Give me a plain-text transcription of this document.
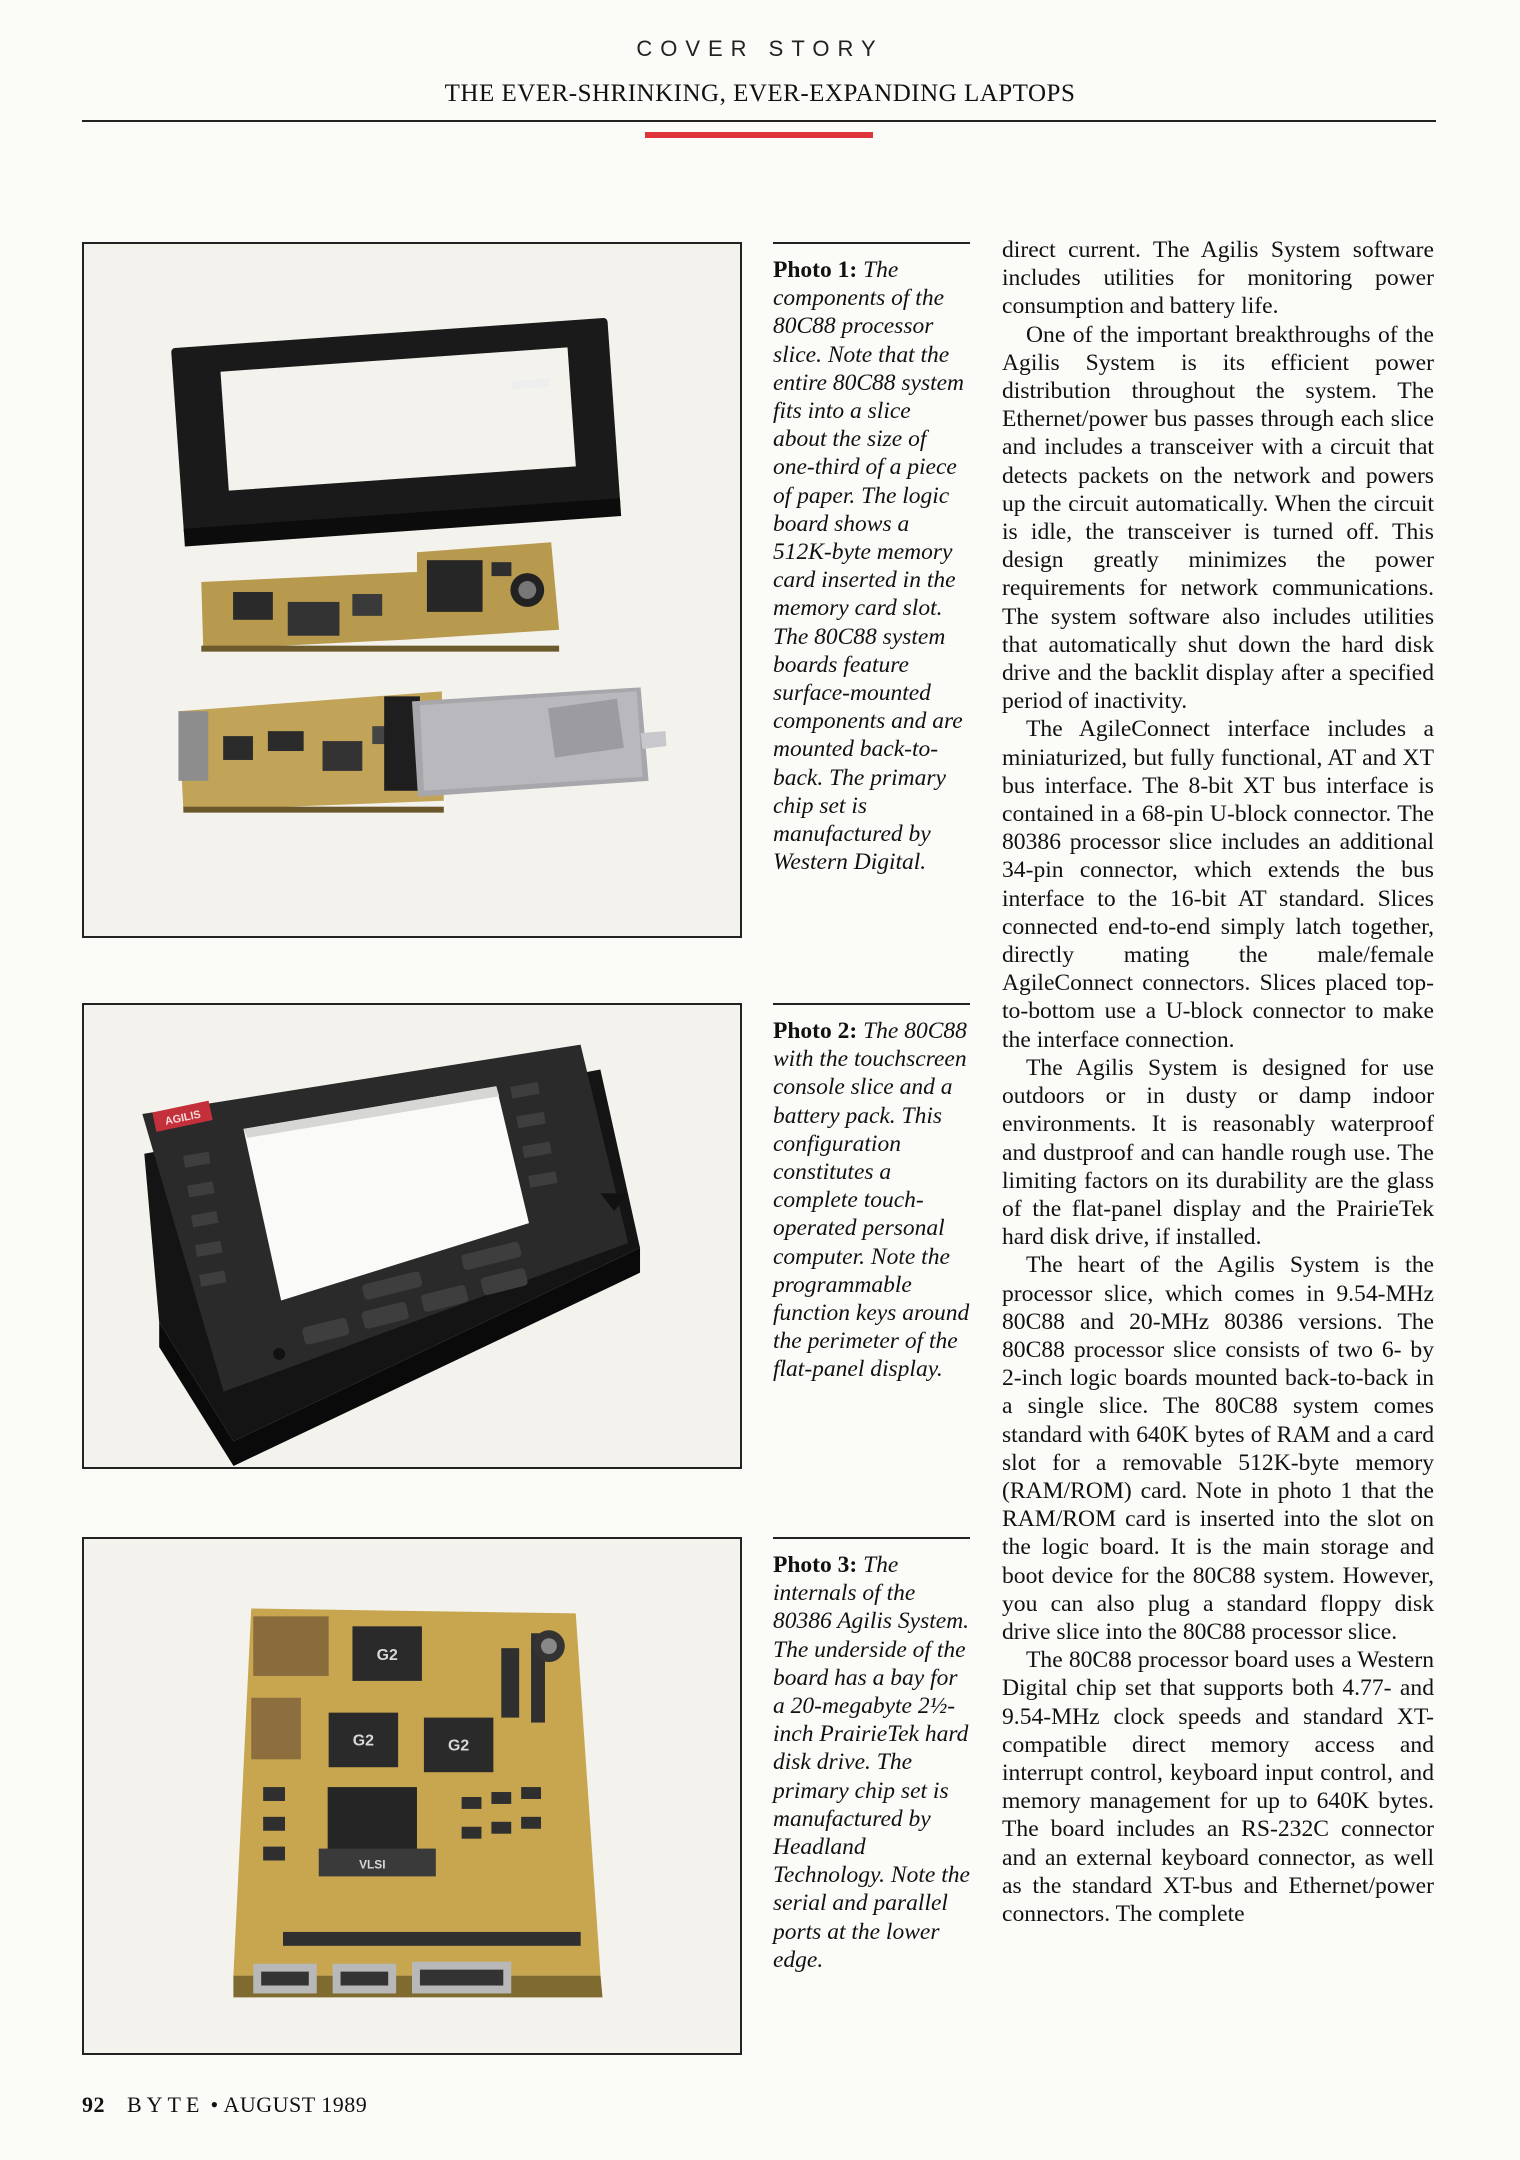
COVER STORY
THE EVER-SHRINKING, EVER-EXPANDING LAPTOPS
Photo 1: The components of the 80C88 processor slice. Note that the entire 80C88 system fits into a slice about the size of one-third of a piece of paper. The logic board shows a 512K-byte memory card inserted in the memory card slot. The 80C88 system boards feature surface-mounted components and are mounted back-to-back. The primary chip set is manufactured by Western Digital.
AGILIS
Photo 2: The 80C88 with the touchscreen console slice and a battery pack. This configuration constitutes a complete touch-operated personal computer. Note the programmable function keys around the perimeter of the flat-panel display.
G2
G2	G2
VLSI
Photo 3: The internals of the 80386 Agilis System. The underside of the board has a bay for a 20-megabyte 2½-inch PrairieTek hard disk drive. The primary chip set is manufactured by Headland Technology. Note the serial and parallel ports at the lower edge.

direct current. The Agilis System software includes utilities for monitoring power consumption and battery life.

One of the important breakthroughs of the Agilis System is its efficient power distribution throughout the system. The Ethernet/power bus passes through each slice and includes a transceiver with a circuit that detects packets on the network and powers up the circuit automatically. When the circuit is idle, the transceiver is turned off. This design greatly minimizes the power requirements for network communications. The system software also includes utilities that automatically shut down the hard disk drive and the backlit display after a specified period of inactivity.

The AgileConnect interface includes a miniaturized, but fully functional, AT and XT bus interface. The 8-bit XT bus interface is contained in a 68-pin U-block connector. The 80386 processor slice includes an additional 34-pin connector, which extends the bus interface to the 16-bit AT standard. Slices connected end-to-end simply latch together, directly mating the male/female AgileConnect connectors. Slices placed top-to-bottom use a U-block connector to make the interface connection.

The Agilis System is designed for use outdoors or in dusty or damp indoor environments. It is reasonably waterproof and dustproof and can handle rough use. The limiting factors on its durability are the glass of the flat-panel display and the PrairieTek hard disk drive, if installed.

The heart of the Agilis System is the processor slice, which comes in 9.54-MHz 80C88 and 20-MHz 80386 versions. The 80C88 processor slice consists of two 6- by 2-inch logic boards mounted back-to-back in a single slice. The 80C88 system comes standard with 640K bytes of RAM and a card slot for a removable 512K-byte memory (RAM/ROM) card. Note in photo 1 that the RAM/ROM card is inserted into the slot on the logic board. It is the main storage and boot device for the 80C88 system. However, you can also plug a standard floppy disk drive slice into the 80C88 processor slice.

The 80C88 processor board uses a Western Digital chip set that supports both 4.77- and 9.54-MHz clock speeds and standard XT-compatible direct memory access and interrupt control, keyboard input control, and memory management for up to 640K bytes. The board includes an RS-232C connector and an external keyboard connector, as well as the standard XT-bus and Ethernet/power connectors. The complete

92 BYTE • AUGUST 1989
